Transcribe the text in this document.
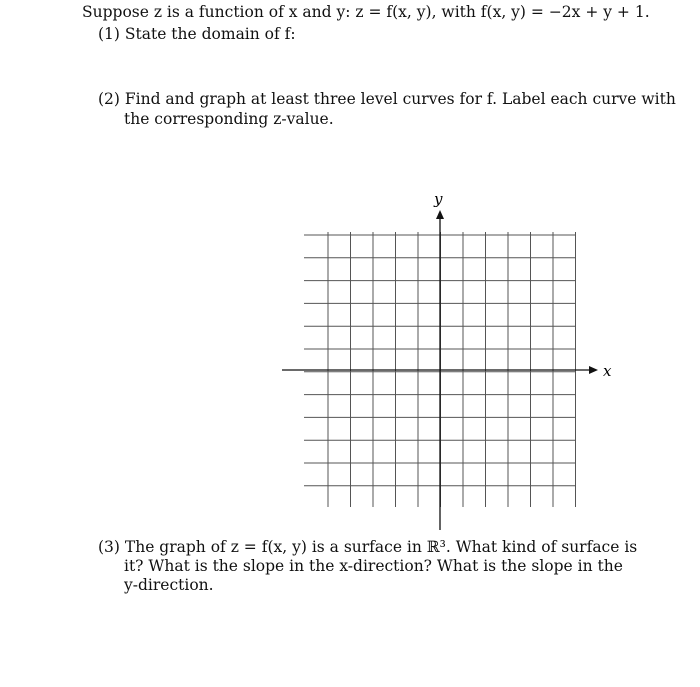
Suppose z is a function of x and y: z = f(x, y), with f(x, y) = −2x + y + 1.
(1) State the domain of f:
(2) Find and graph at least three level curves for f. Label each curve with
the corresponding z-value.
x
y
(3) The graph of z = f(x, y) is a surface in ℝ³. What kind of surface is
it? What is the slope in the x-direction? What is the slope in the
y-direction.
